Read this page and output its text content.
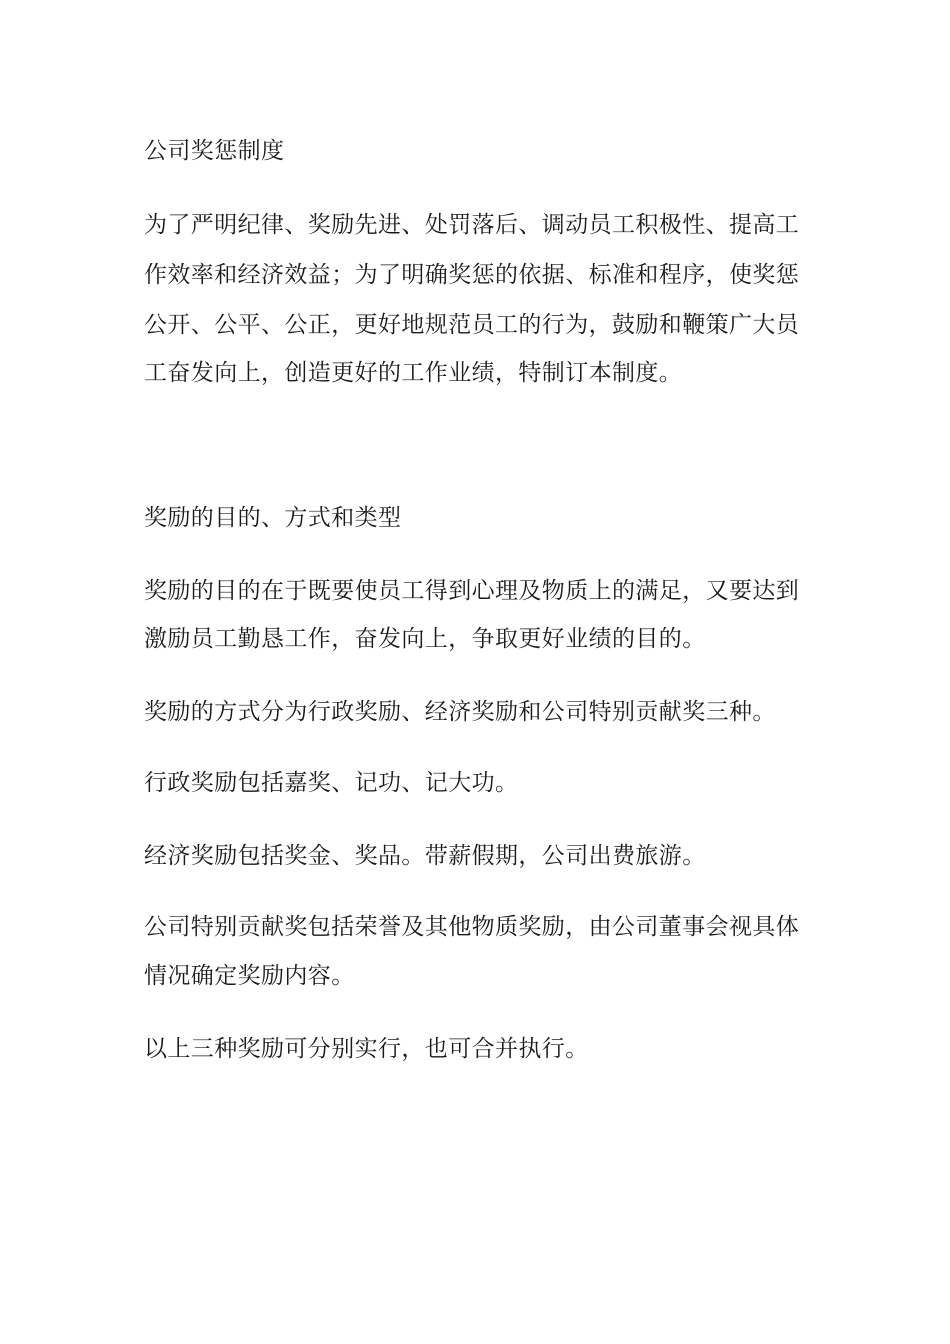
公司奖惩制度
为了严明纪律、奖励先进、处罚落后、调动员工积极性、提高工
作效率和经济效益；为了明确奖惩的依据、标准和程序，使奖惩
公开、公平、公正，更好地规范员工的行为，鼓励和鞭策广大员
工奋发向上，创造更好的工作业绩，特制订本制度。
奖励的目的、方式和类型
奖励的目的在于既要使员工得到心理及物质上的满足，又要达到
激励员工勤恳工作，奋发向上，争取更好业绩的目的。
奖励的方式分为行政奖励、经济奖励和公司特别贡献奖三种。
行政奖励包括嘉奖、记功、记大功。
经济奖励包括奖金、奖品。带薪假期，公司出费旅游。
公司特别贡献奖包括荣誉及其他物质奖励，由公司董事会视具体
情况确定奖励内容。
以上三种奖励可分别实行，也可合并执行。
